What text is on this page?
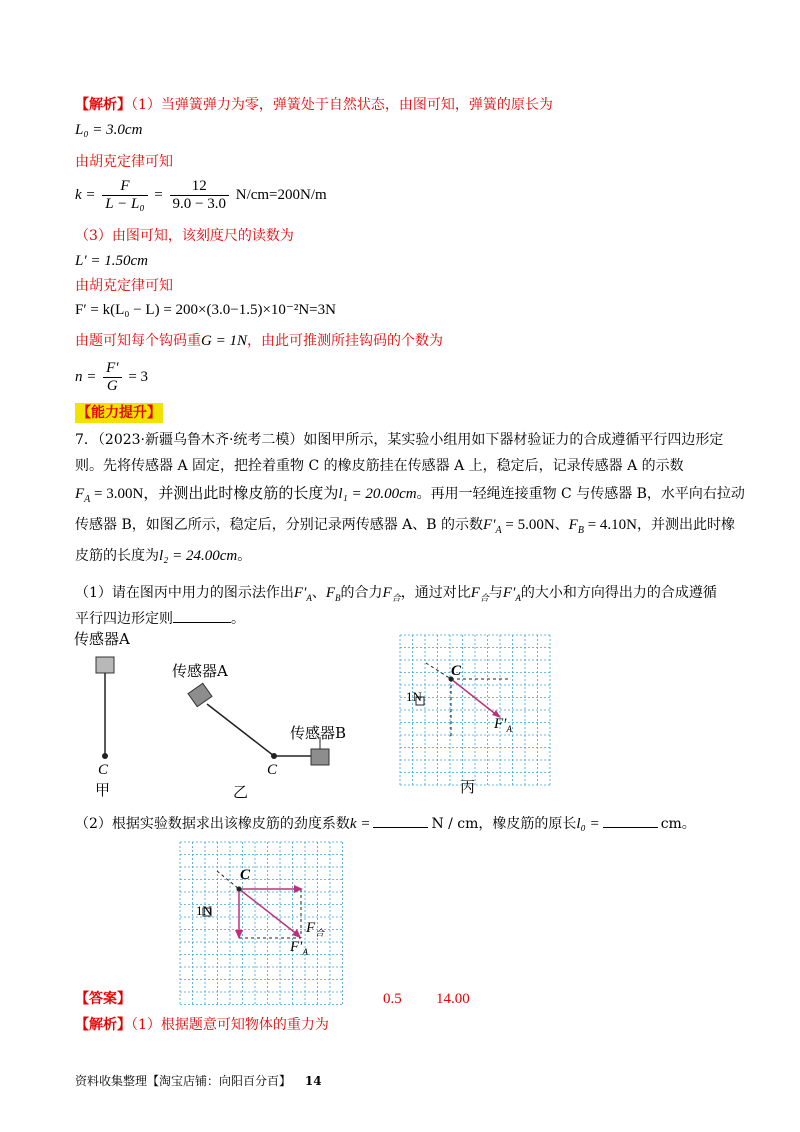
【解析】（1）当弹簧弹力为零，弹簧处于自然状态，由图可知，弹簧的原长为
L₀ = 3.0cm
由胡克定律可知
$k = \frac{F}{\text{L − L₀}} = \frac{12}{9.0 - 3.0} N/cm=200N/m$
（3）由图可知，该刻度尺的读数为
L′ = 1.50cm
由胡克定律可知
F′ = k(L₀ − L) = 200×(3.0−1.5)×10⁻²N=3N
由题可知每个钩码重G = 1N，由此可推测所挂钩码的个数为
$n = \frac{F'}{G} = 3$
【能力提升】
7．（2023·新疆乌鲁木齐·统考二模）如图甲所示，某实验小组用如下器材验证力的合成遵循平行四边形定
则。先将传感器 A 固定，把拴着重物 C 的橡皮筋挂在传感器 A 上，稳定后，记录传感器 A 的示数
$F_A = 3.00N$，并测出此时橡皮筋的长度为l₁ = 20.00cm。再用一轻绳连接重物 C 与传感器 B，水平向右拉动
传感器 B，如图乙所示，稳定后，分别记录两传感器 A、B 的示数$F'_A = 5.00N$、$F_B = 4.10N$，并测出此时橡
皮筋的长度为l₂ = 24.00cm。
（1）请在图丙中用力的图示法作出$F'_A$、$F_B$的合力$F_合$，通过对比$F_合$与$F'_A$的大小和方向得出力的合成遵循
平行四边形定则	。
传感器A
C
甲
传感器A
传感器B
C
乙
C
1N
$F'_A$
丙
（2）根据实验数据求出该橡皮筋的劲度系数k =	N / cm，橡皮筋的原长l₀ =	cm。
C
1N
$F_合$
$F'_A$
【答案】	0.5 14.00
【解析】（1）根据题意可知物体的重力为
资料收集整理【淘宝店铺：向阳百分百】 14
